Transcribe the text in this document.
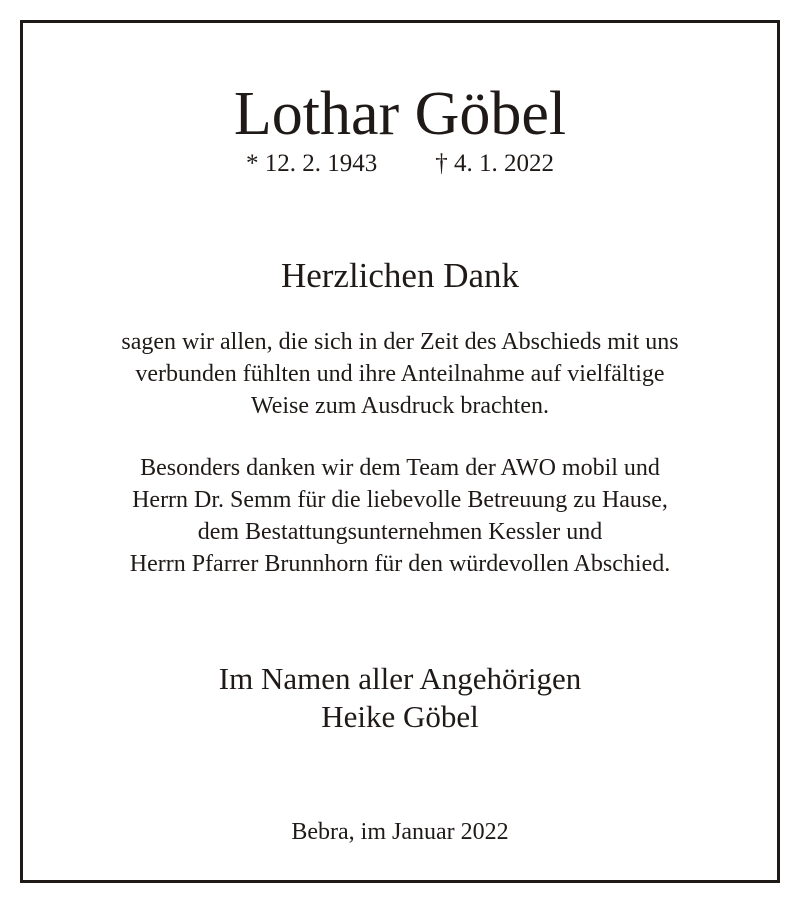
Lothar Göbel
* 12. 2. 1943 † 4. 1. 2022
Herzlichen Dank
sagen wir allen, die sich in der Zeit des Abschieds mit uns
verbunden fühlten und ihre Anteilnahme auf vielfältige
Weise zum Ausdruck brachten.
Besonders danken wir dem Team der AWO mobil und
Herrn Dr. Semm für die liebevolle Betreuung zu Hause,
dem Bestattungsunternehmen Kessler und
Herrn Pfarrer Brunnhorn für den würdevollen Abschied.
Im Namen aller Angehörigen
Heike Göbel
Bebra, im Januar 2022
